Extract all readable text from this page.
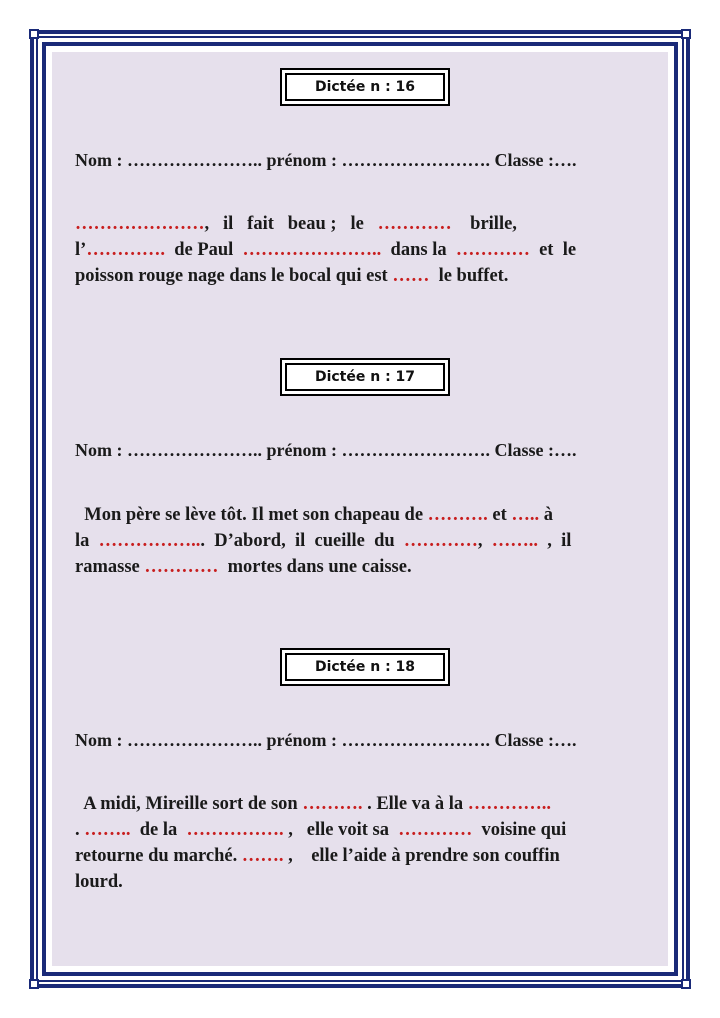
Dictée n : 16
Nom : ………………….. prénom : ……………………. Classe :….
…………………,   il   fait   beau ;   le   …………    brille,
l’………….  de Paul  …………………..  dans la  …………  et  le
poisson rouge nage dans le bocal qui est ……  le buffet.
Dictée n : 17
Nom : ………………….. prénom : ……………………. Classe :….
Mon père se lève tôt. Il met son chapeau de ………. et ….. à
la  ……………...  D’abord,  il  cueille  du  …………,  ……..  ,  il
ramasse …………  mortes dans une caisse.
Dictée n : 18
Nom : ………………….. prénom : ……………………. Classe :….
A midi, Mireille sort de son ………. . Elle va à la …………..
. ……..  de la  ……………. ,   elle voit sa  …………  voisine qui
retourne du marché. ……. ,    elle l’aide à prendre son couffin
lourd.
